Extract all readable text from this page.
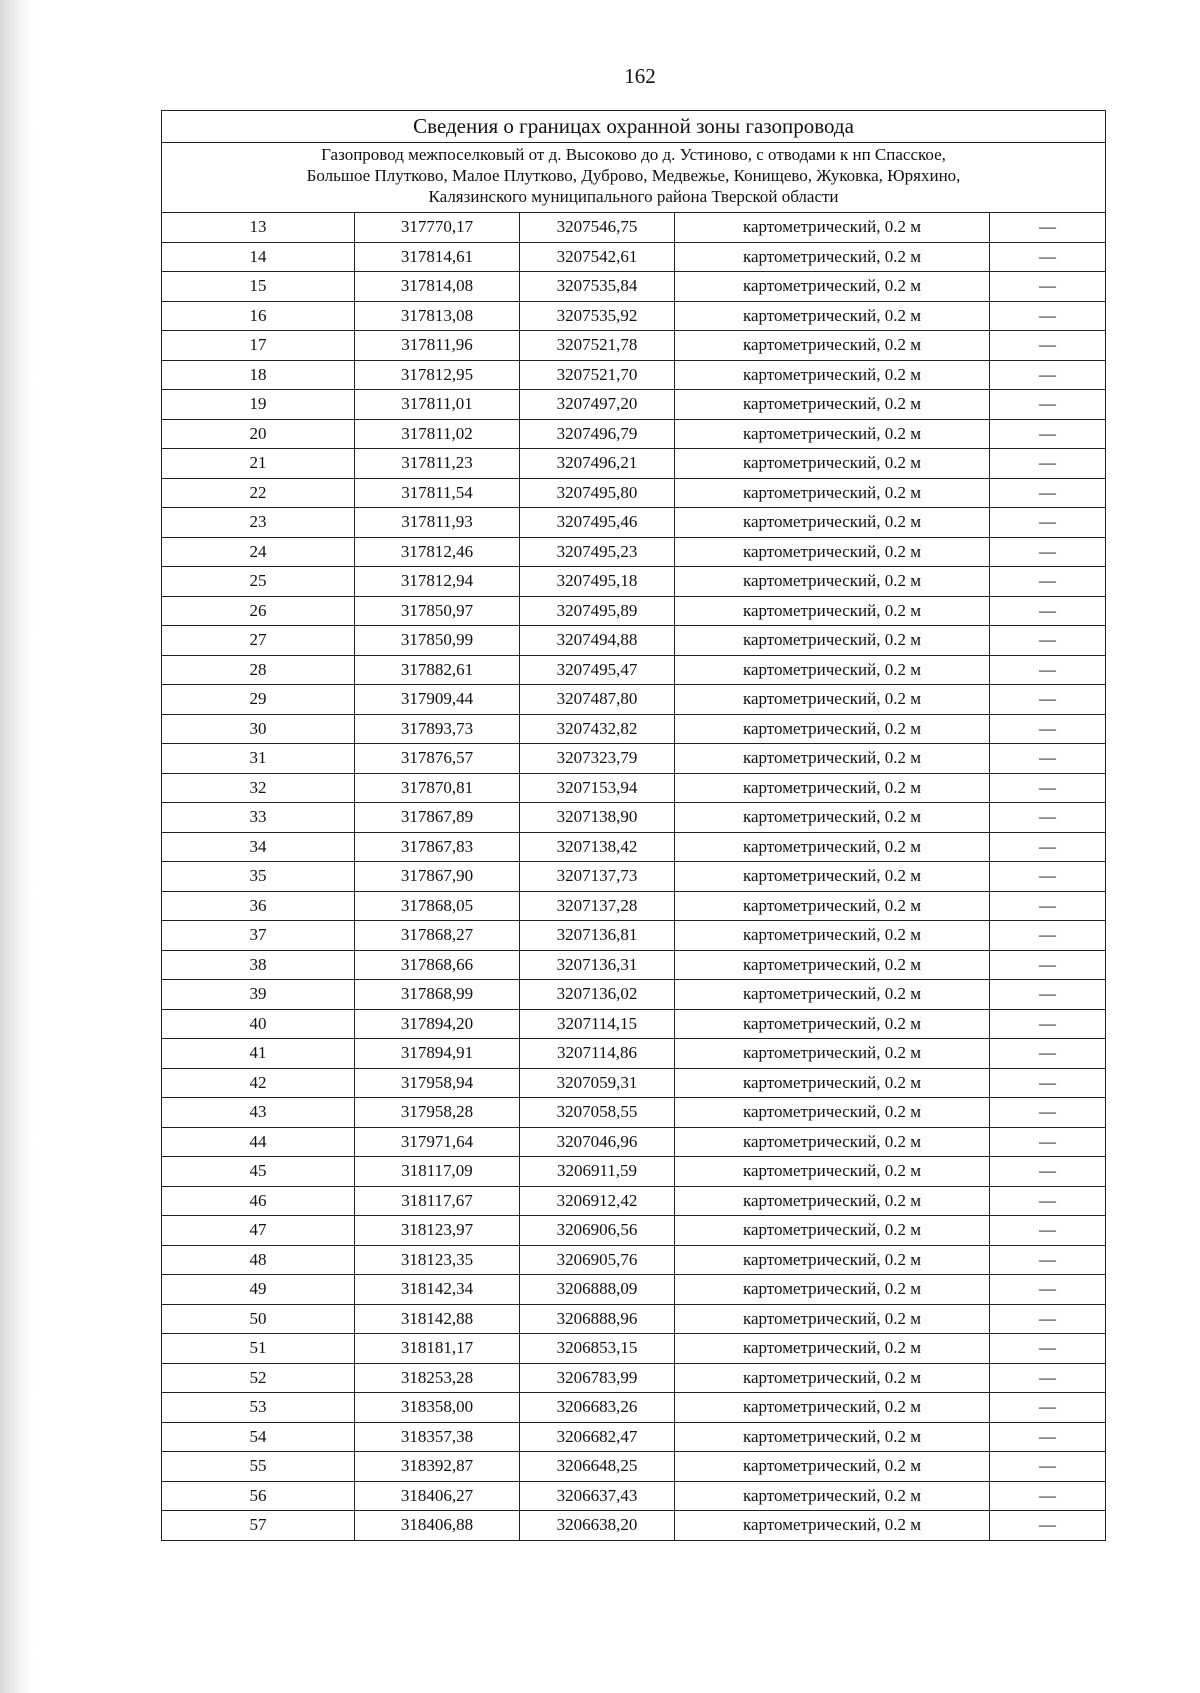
162
Сведения о границах охранной зоны газопровода				

Газопровод межпоселковый от д. Высоково до д. Устиново, с отводами к нп Спасское,
Большое Плутково, Малое Плутково, Дуброво, Медвежье, Конищево, Жуковка, Юряхино,
Калязинского муниципального района Тверской области				

13	317770,17	3207546,75	картометрический, 0.2 м	—
14	317814,61	3207542,61	картометрический, 0.2 м	—
15	317814,08	3207535,84	картометрический, 0.2 м	—
16	317813,08	3207535,92	картометрический, 0.2 м	—
17	317811,96	3207521,78	картометрический, 0.2 м	—
18	317812,95	3207521,70	картометрический, 0.2 м	—
19	317811,01	3207497,20	картометрический, 0.2 м	—
20	317811,02	3207496,79	картометрический, 0.2 м	—
21	317811,23	3207496,21	картометрический, 0.2 м	—
22	317811,54	3207495,80	картометрический, 0.2 м	—
23	317811,93	3207495,46	картометрический, 0.2 м	—
24	317812,46	3207495,23	картометрический, 0.2 м	—
25	317812,94	3207495,18	картометрический, 0.2 м	—
26	317850,97	3207495,89	картометрический, 0.2 м	—
27	317850,99	3207494,88	картометрический, 0.2 м	—
28	317882,61	3207495,47	картометрический, 0.2 м	—
29	317909,44	3207487,80	картометрический, 0.2 м	—
30	317893,73	3207432,82	картометрический, 0.2 м	—
31	317876,57	3207323,79	картометрический, 0.2 м	—
32	317870,81	3207153,94	картометрический, 0.2 м	—
33	317867,89	3207138,90	картометрический, 0.2 м	—
34	317867,83	3207138,42	картометрический, 0.2 м	—
35	317867,90	3207137,73	картометрический, 0.2 м	—
36	317868,05	3207137,28	картометрический, 0.2 м	—
37	317868,27	3207136,81	картометрический, 0.2 м	—
38	317868,66	3207136,31	картометрический, 0.2 м	—
39	317868,99	3207136,02	картометрический, 0.2 м	—
40	317894,20	3207114,15	картометрический, 0.2 м	—
41	317894,91	3207114,86	картометрический, 0.2 м	—
42	317958,94	3207059,31	картометрический, 0.2 м	—
43	317958,28	3207058,55	картометрический, 0.2 м	—
44	317971,64	3207046,96	картометрический, 0.2 м	—
45	318117,09	3206911,59	картометрический, 0.2 м	—
46	318117,67	3206912,42	картометрический, 0.2 м	—
47	318123,97	3206906,56	картометрический, 0.2 м	—
48	318123,35	3206905,76	картометрический, 0.2 м	—
49	318142,34	3206888,09	картометрический, 0.2 м	—
50	318142,88	3206888,96	картометрический, 0.2 м	—
51	318181,17	3206853,15	картометрический, 0.2 м	—
52	318253,28	3206783,99	картометрический, 0.2 м	—
53	318358,00	3206683,26	картометрический, 0.2 м	—
54	318357,38	3206682,47	картометрический, 0.2 м	—
55	318392,87	3206648,25	картометрический, 0.2 м	—
56	318406,27	3206637,43	картометрический, 0.2 м	—
57	318406,88	3206638,20	картометрический, 0.2 м	—
